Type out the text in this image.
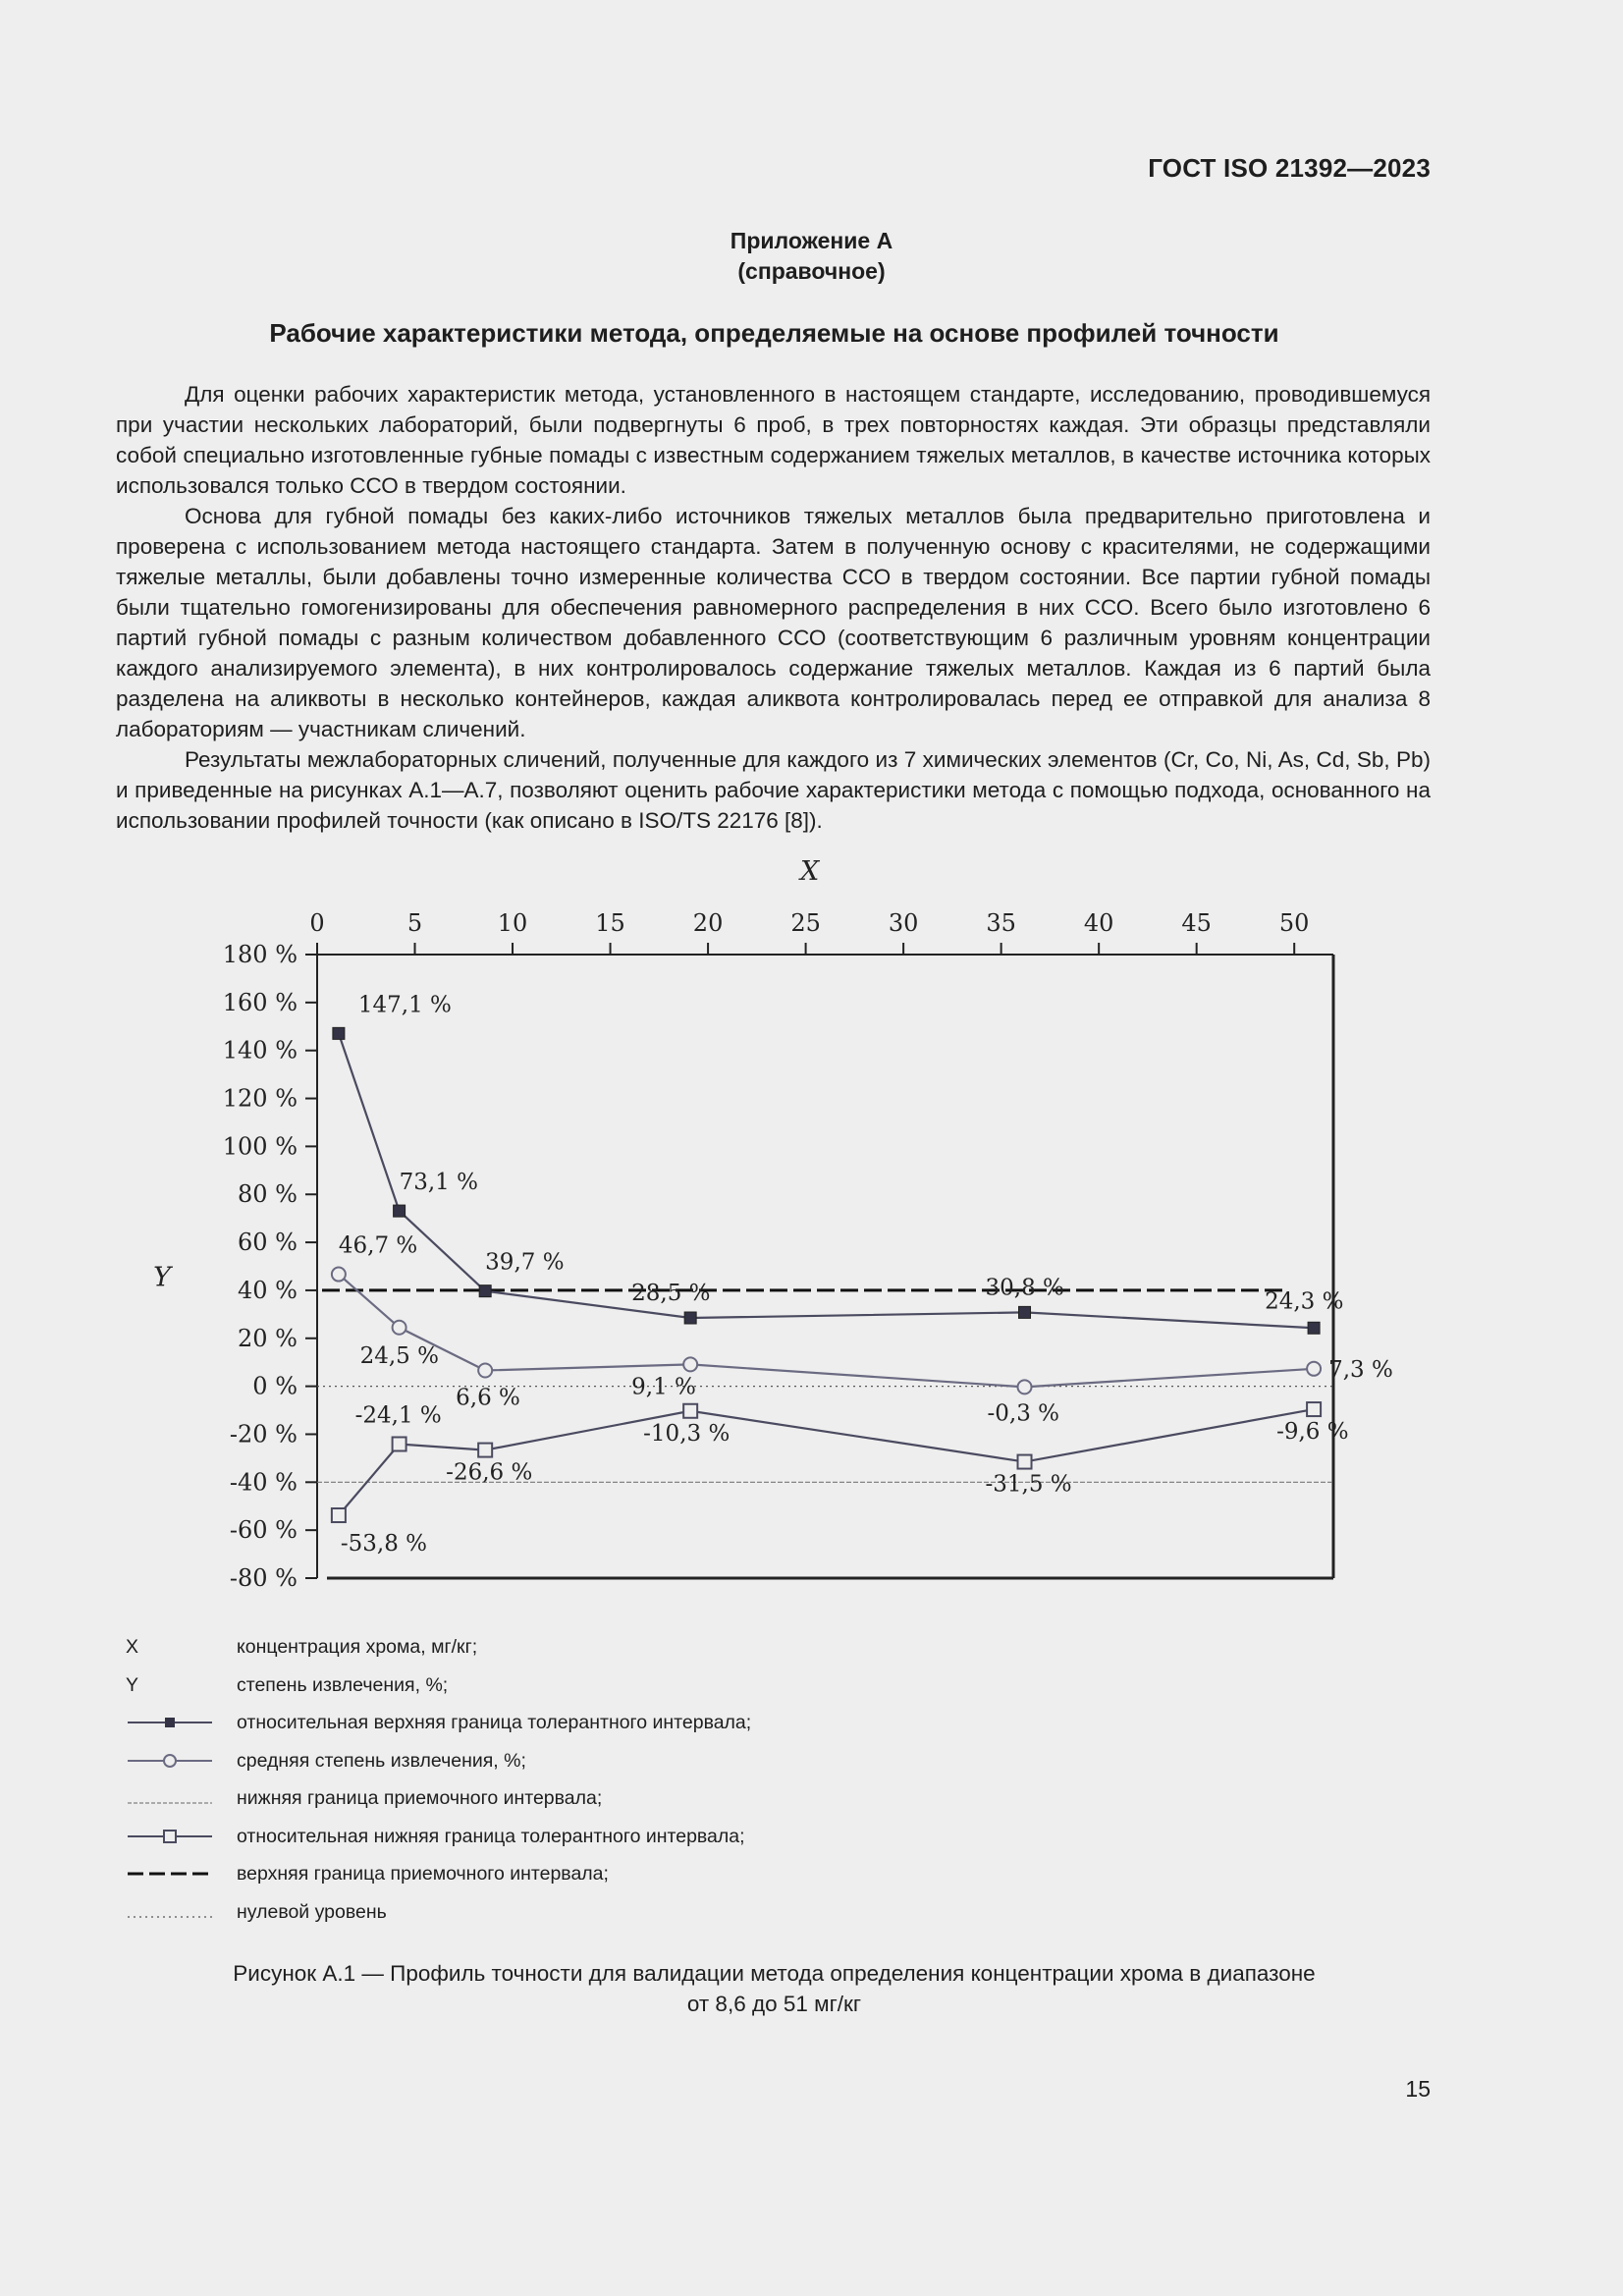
ГОСТ ISO 21392—2023
Приложение А
(справочное)
Рабочие характеристики метода, определяемые на основе профилей точности

Для оценки рабочих характеристик метода, установленного в настоящем стандарте, исследованию, проводившемуся при участии нескольких лабораторий, были подвергнуты 6 проб, в трех повторностях каждая. Эти образцы представляли собой специально изготовленные губные помады с известным содержанием тяжелых металлов, в качестве источника которых использовался только ССО в твердом состоянии.

Основа для губной помады без каких-либо источников тяжелых металлов была предварительно приготовлена и проверена с использованием метода настоящего стандарта. Затем в полученную основу с красителями, не содержащими тяжелые металлы, были добавлены точно измеренные количества ССО в твердом состоянии. Все партии губной помады были тщательно гомогенизированы для обеспечения равномерного распределения в них ССО. Всего было изготовлено 6 партий губной помады с разным количеством добавленного ССО (соответствующим 6 различным уровням концентрации каждого анализируемого элемента), в них контролировалось содержание тяжелых металлов. Каждая из 6 партий была разделена на аликвоты в несколько контейнеров, каждая аликвота контролировалась перед ее отправкой для анализа 8 лабораториям — участникам сличений.

Результаты межлабораторных сличений, полученные для каждого из 7 химических элементов (Cr, Co, Ni, As, Cd, Sb, Pb) и приведенные на рисунках А.1—А.7, позволяют оценить рабочие характеристики метода с помощью подхода, основанного на использовании профилей точности (как описано в ISO/TS 22176 [8]).

0	5	10	15	20	25	30	35	40	45	50
X
180 %
160 %
140 %
120 %
100 %
80 %
60 %
40 %
20 %
0 %
-20 %
-40 %
-60 %
-80 %
Y
147,1 %
73,1 %
39,7 %
28,5 %	30,8 %
24,3 %
46,7 %
24,5 %
6,6 %	9,1 %
-0,3 %
7,3 %
-53,8 %
-24,1 %
-26,6 %
-10,3 %
-31,5 %
-9,6 %
X	концентрация хрома, мг/кг;
Y	степень извлечения, %;
относительная верхняя граница толерантного интервала;
средняя степень извлечения, %;
нижняя граница приемочного интервала;
относительная нижняя граница толерантного интервала;
верхняя граница приемочного интервала;
нулевой уровень
Рисунок А.1 — Профиль точности для валидации метода определения концентрации хрома в диапазоне
от 8,6 до 51 мг/кг
15
